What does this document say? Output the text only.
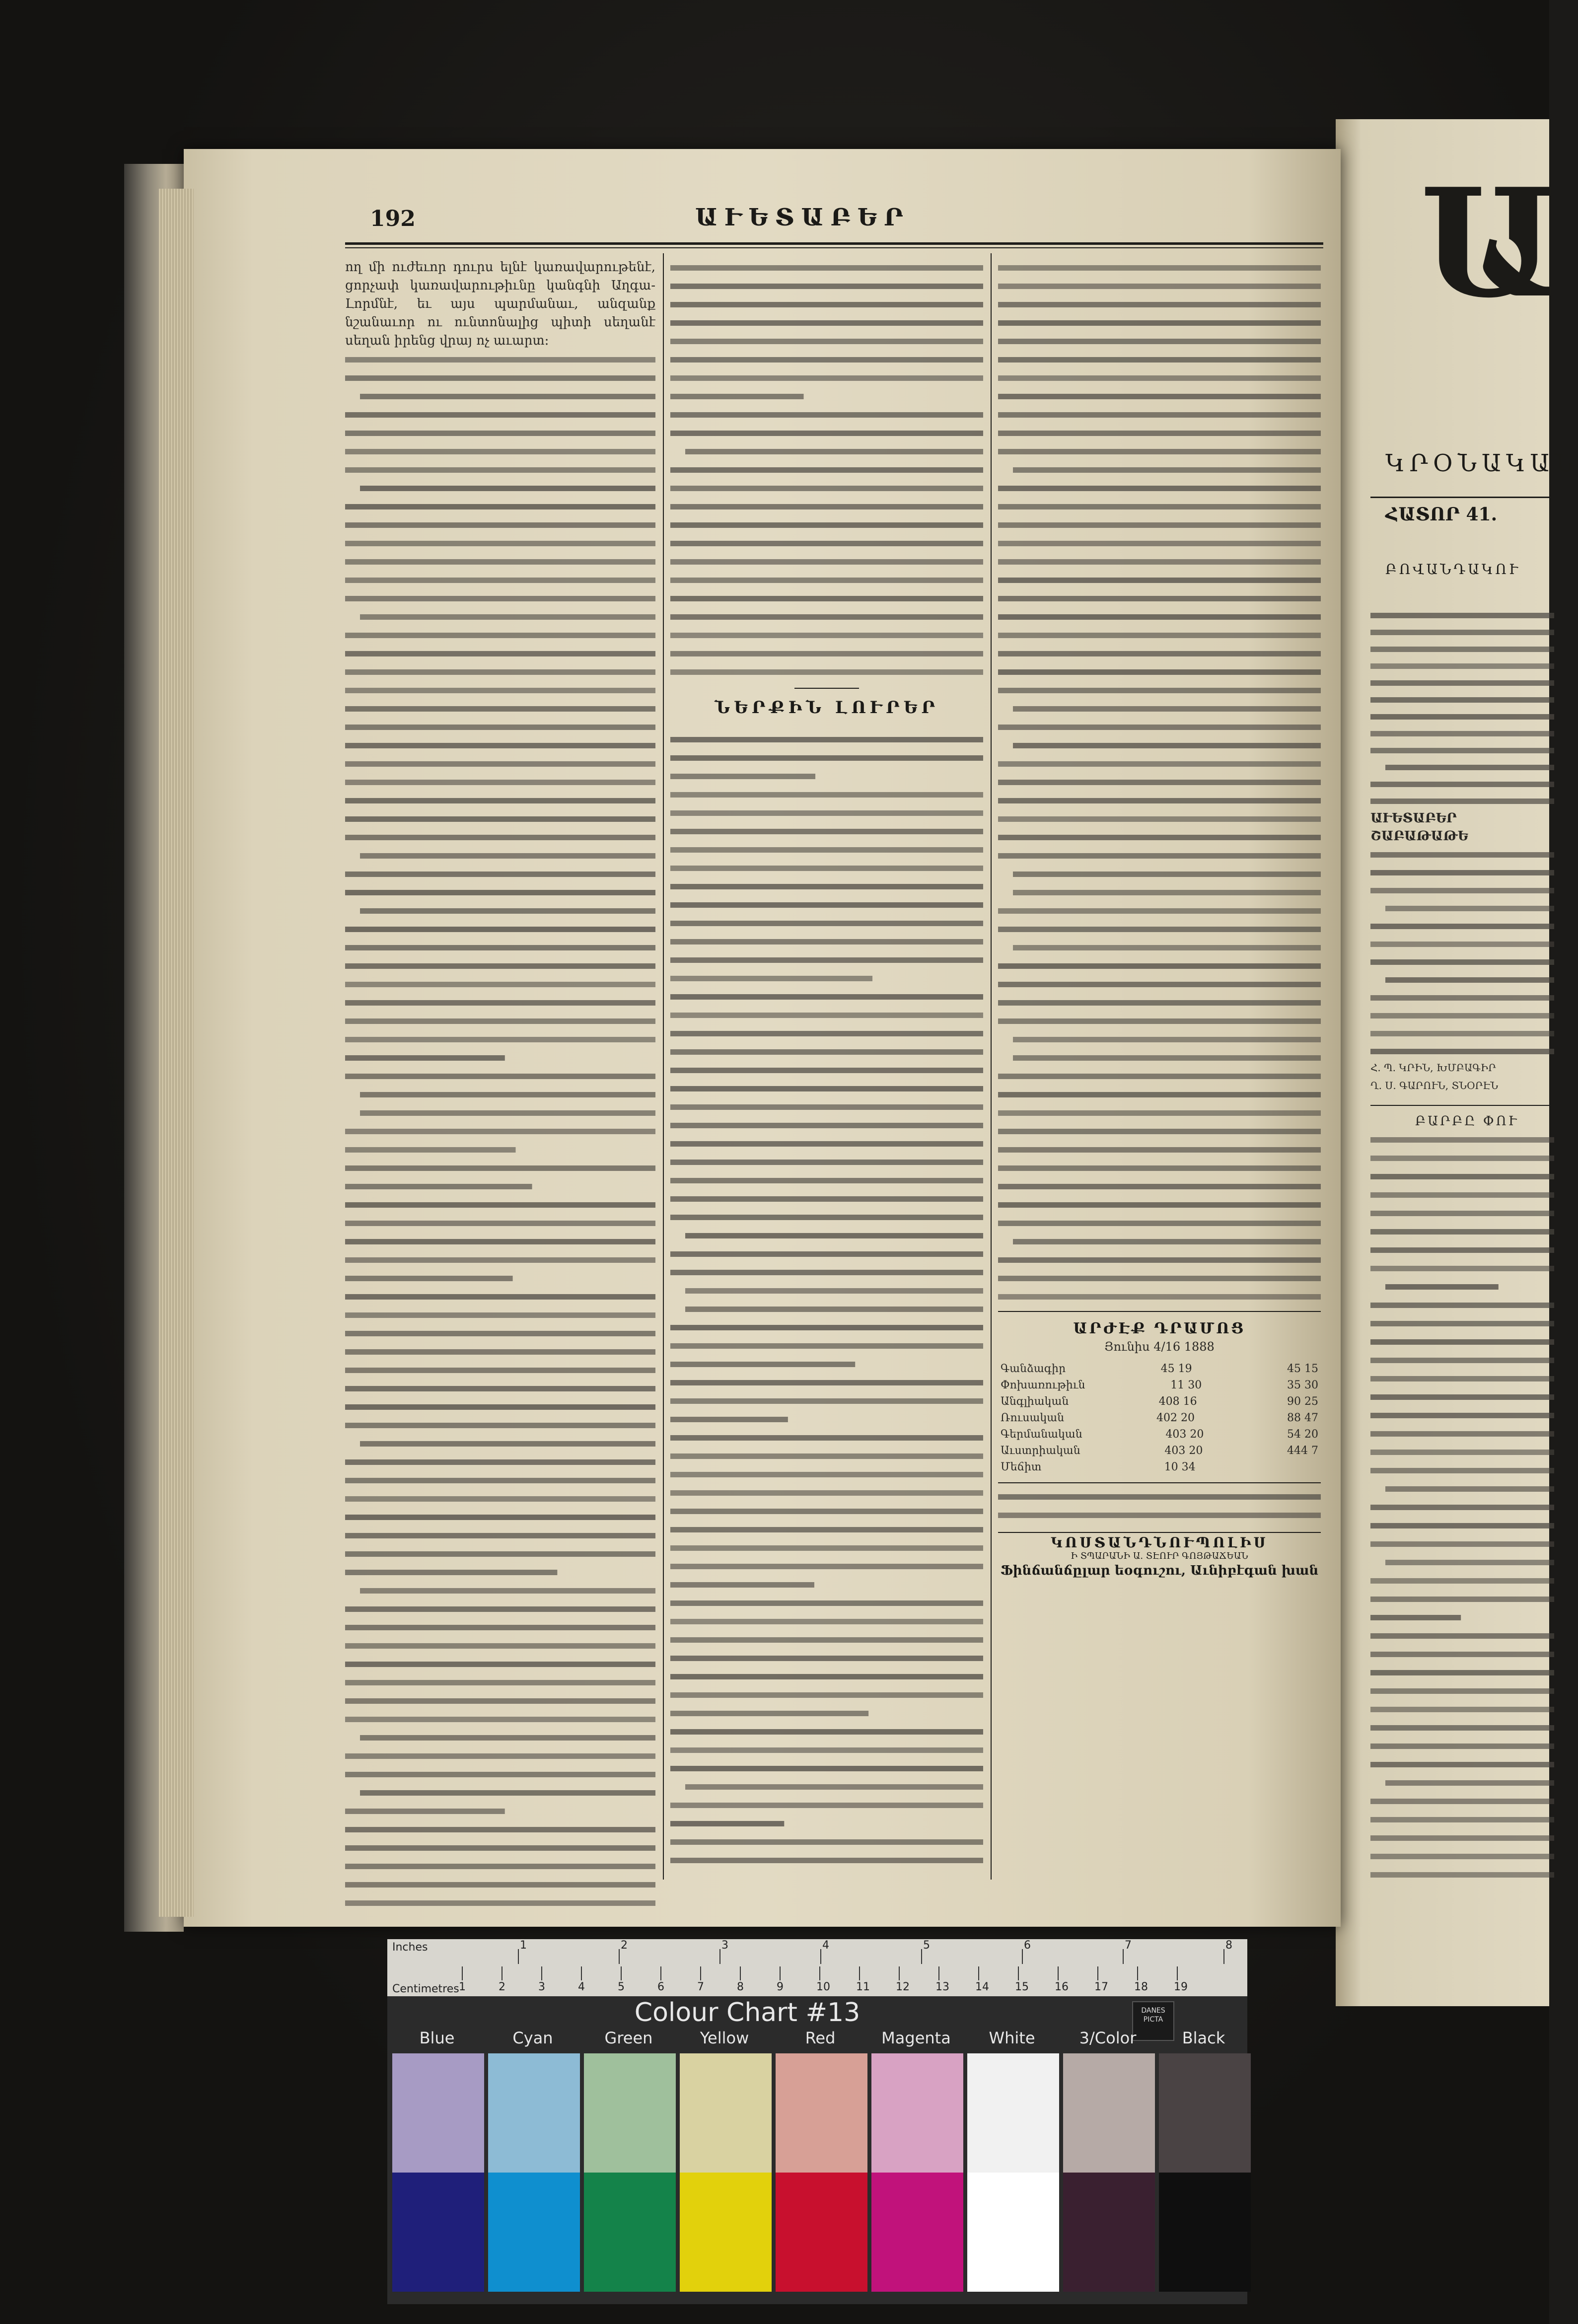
192	ԱՒԵՏԱԲԵՐ

ող մի ուժեւոր դուրս ելնէ կառավարութենէ, ցորչափ կառավարութիւնը կանգնի Աղգա-Լորմնէ, եւ այս պարմանաւ, անզանք նշանաւոր ու ունտոնալից պիտի սեղանէ սեղան իրենց վրայ ոչ աւարտ։

ՆԵՐՔԻՆ ԼՈՒՐԵՐ
ԱՐԺԷՔ ԴՐԱՄՈՑ
Յունիս 4/16 1888
Գանձագիր	45 19	45 15
Փոխառութիւն	11 30	35 30
Անգլիական	408 16	90 25
Ռուսական	402 20	88 47
Գերմանական	403 20	54 20
Աւստրիական	403 20	444 7
Մեճիտ	10 34
ԿՈՍՏԱՆԴՆՈՒՊՈԼԻՍ
Ի ՏՊԱՐԱՆԻ Ա. ՏԷՈՒՐ ԳՈՅԹԱՃԵԱՆ
Ֆինճանճըլար եօգուշու, Աւնիբէգան խան
Ա
ԿՐՕՆԱԿԱՆ
ՀԱՏՈՐ 41.
ԲՈՎԱՆԴԱԿՈՒ
ԱՒԵՏԱԲԵՐ ՇԱԲԱԹԱԹԵ
Հ. Պ. ԿՐԻՆ, ԽՄԲԱԳԻՐ
Ղ. Ս. ԳԱՐՈՒՆ, ՏՆՕՐԷՆ
ԲԱՐԲԸ ՓՈՒ
Inches
Centimetres
1	2	3	4	5	6	7	8
1	2	3	4	5	6	7	8	9	10 11 12 13 14 15 16 17 18 19
Colour Chart #13	DANES PICTA
Blue	Cyan	Green	Yellow	Red	Magenta	White	3/Color	Black
